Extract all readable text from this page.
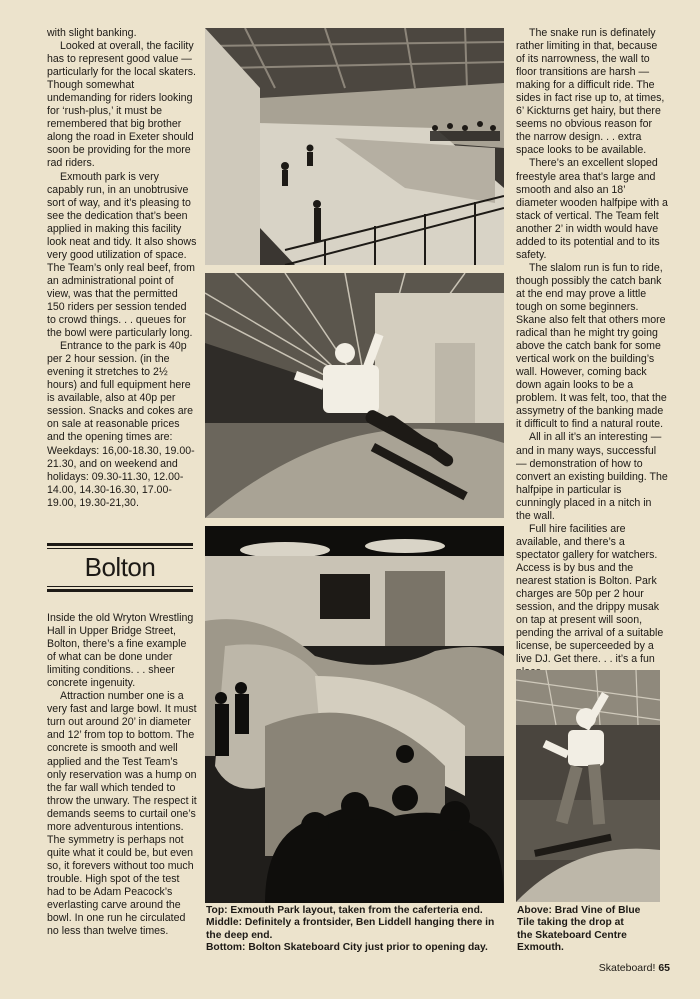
with slight banking.

Looked at overall, the facility has to represent good value — particularly for the local skaters. Though somewhat undemanding for riders looking for ‘rush-plus,’ it must be remembered that big brother along the road in Exeter should soon be providing for the more rad riders.

Exmouth park is very capably run, in an unobtrusive sort of way, and it’s pleasing to see the dedication that’s been applied in making this facility look neat and tidy. It also shows very good utilization of space. The Team’s only real beef, from an administrational point of view, was that the permitted 150 riders per session tended to crowd things. . . queues for the bowl were particularly long.

Entrance to the park is 40p per 2 hour session. (in the evening it stretches to 2½ hours) and full equipment here is available, also at 40p per session. Snacks and cokes are on sale at reasonable prices and the opening times are: Weekdays: 16,00-18.30, 19.00-21.30, and on weekend and holidays: 09.30-11.30, 12.00-14.00, 14.30-16.30, 17.00-19.00, 19.30-21,30.

Bolton

Inside the old Wryton Wrestling Hall in Upper Bridge Street, Bolton, there’s a fine example of what can be done under limiting conditions. . . sheer concrete ingenuity.

Attraction number one is a very fast and large bowl. It must turn out around 20’ in diameter and 12’ from top to bottom. The concrete is smooth and well applied and the Test Team’s only reservation was a hump on the far wall which tended to throw the unwary. The respect it demands seems to curtail one’s more adventurous intentions. The symmetry is perhaps not quite what it could be, but even so, it forevers without too much trouble. High spot of the test had to be Adam Peacock’s everlasting carve around the bowl. In one run he circulated no less than twelve times.

The snake run is definately rather limiting in that, because of its narrowness, the wall to floor transitions are harsh — making for a difficult ride. The sides in fact rise up to, at times, 6’ Kickturns get hairy, but there seems no obvious reason for the narrow design. . . extra space looks to be available.

There’s an excellent sloped freestyle area that’s large and smooth and also an 18’ diameter wooden halfpipe with a stack of vertical. The Team felt another 2’ in width would have added to its potential and to its safety.

The slalom run is fun to ride, though possibly the catch bank at the end may prove a little tough on some beginners. Skane also felt that others more radical than he might try going above the catch bank for some vertical work on the building’s wall. However, coming back down again looks to be a problem. It was felt, too, that the assymetry of the banking made it difficult to find a natural route.

All in all it’s an interesting — and in many ways, successful — demonstration of how to convert an existing building. The halfpipe in particular is cunningly placed in a nitch in the wall.

Full hire facilities are available, and there’s a spectator gallery for watchers. Access is by bus and the nearest station is Bolton. Park charges are 50p per 2 hour session, and the drippy musak on tap at present will soon, pending the arrival of a suitable license, be superceeded by a live DJ. Get there. . . it’s a fun

Top: Exmouth Park layout, taken from the caferteria end.
Middle: Definitely a frontsider, Ben Liddell hanging there in
the deep end.
Bottom: Bolton Skateboard City just prior to opening day.
Above: Brad Vine of Blue
Tile taking the drop at
the Skateboard Centre
Exmouth.
Skateboard! 65
